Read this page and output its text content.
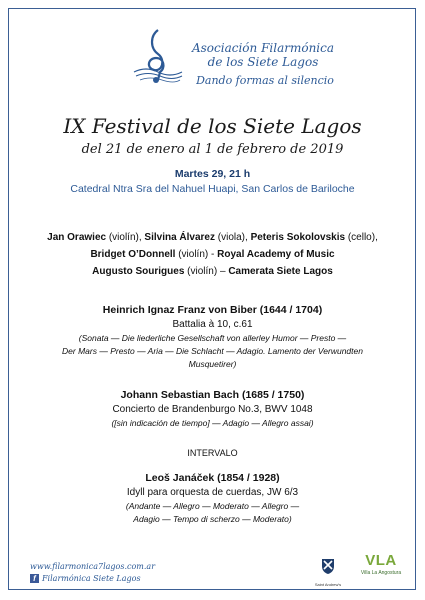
Asociación Filarmónica
de los Siete Lagos
Dando formas al silencio
IX Festival de los Siete Lagos
del 21 de enero al 1 de febrero de 2019
Martes 29, 21 h
Catedral Ntra Sra del Nahuel Huapi, San Carlos de Bariloche
Jan Orawiec (violín), Silvina Álvarez (viola), Peteris Sokolovskis (cello),
Bridget O’Donnell (violín) - Royal Academy of Music
Augusto Sourigues (violín) – Camerata Siete Lagos
Heinrich Ignaz Franz von Biber (1644 / 1704)
Battalia à 10, c.61
(Sonata — Die liederliche Gesellschaft von allerley Humor — Presto —
Der Mars — Presto — Aria — Die Schlacht — Adagio. Lamento der Verwundten
Musquetirer)
Johann Sebastian Bach (1685 / 1750)
Concierto de Brandenburgo No.3, BWV 1048
([sin indicación de tiempo] — Adagio — Allegro assai)
INTERVALO
Leoš Janáček (1854 / 1928)
Idyll para orquesta de cuerdas, JW 6/3
(Andante — Allegro — Moderato — Allegro —
Adagio — Tempo di scherzo — Moderato)
www.filarmonica7lagos.com.ar
f Filarmónica Siete Lagos
Saint Andrew's
VLA
Villa La Angostura
